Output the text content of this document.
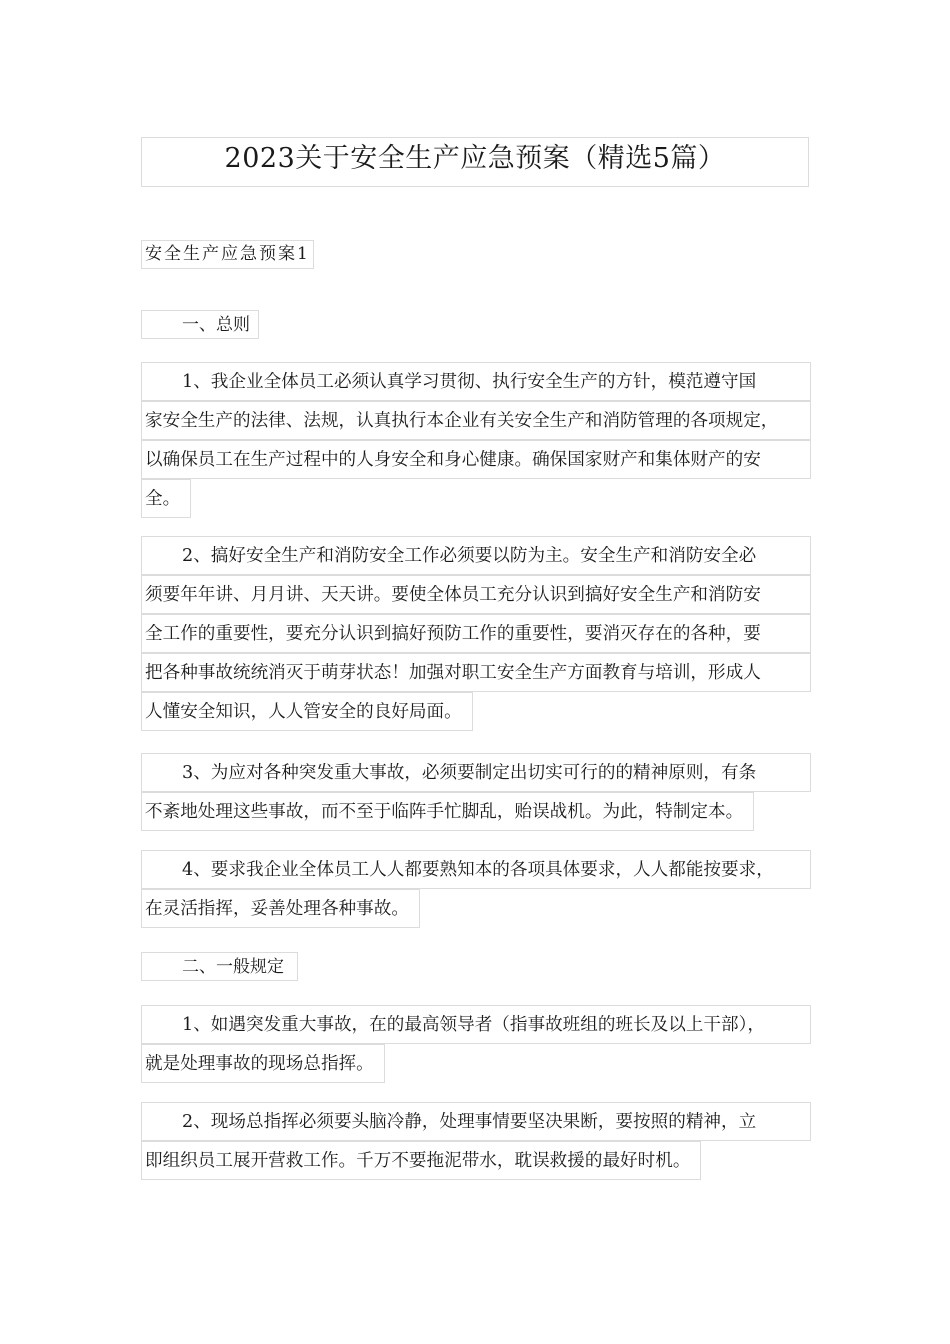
2023关于安全生产应急预案（精选5篇）
安全生产应急预案1
一、总则
1、我企业全体员工必须认真学习贯彻、执行安全生产的方针，模范遵守国
家安全生产的法律、法规，认真执行本企业有关安全生产和消防管理的各项规定，
以确保员工在生产过程中的人身安全和身心健康。确保国家财产和集体财产的安
全。
2、搞好安全生产和消防安全工作必须要以防为主。安全生产和消防安全必
须要年年讲、月月讲、天天讲。要使全体员工充分认识到搞好安全生产和消防安
全工作的重要性，要充分认识到搞好预防工作的重要性，要消灭存在的各种，要
把各种事故统统消灭于萌芽状态！加强对职工安全生产方面教育与培训，形成人
人懂安全知识，人人管安全的良好局面。
3、为应对各种突发重大事故，必须要制定出切实可行的的精神原则，有条
不紊地处理这些事故，而不至于临阵手忙脚乱，贻误战机。为此，特制定本。
4、要求我企业全体员工人人都要熟知本的各项具体要求，人人都能按要求，
在灵活指挥，妥善处理各种事故。
二、一般规定
1、如遇突发重大事故，在的最高领导者（指事故班组的班长及以上干部），
就是处理事故的现场总指挥。
2、现场总指挥必须要头脑冷静，处理事情要坚决果断，要按照的精神，立
即组织员工展开营救工作。千万不要拖泥带水，耽误救援的最好时机。
